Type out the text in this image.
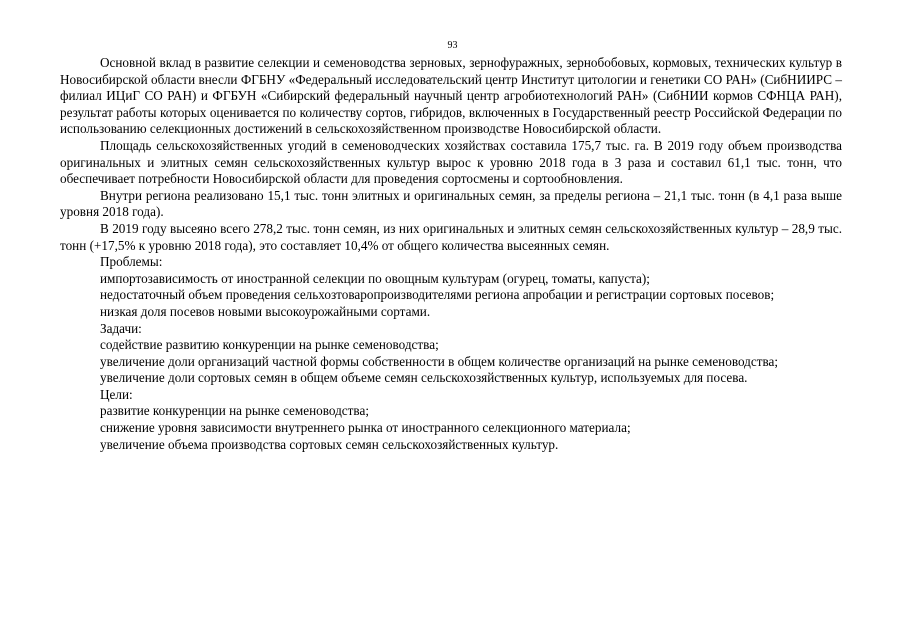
93

Основной вклад в развитие селекции и семеноводства зерновых, зернофуражных, зернобобовых, кормовых, технических культур в Новосибирской области внесли ФГБНУ «Федеральный исследовательский центр Институт цитологии и генетики СО РАН» (СибНИИРС – филиал ИЦиГ СО РАН) и ФГБУН «Сибирский федеральный научный центр агробиотехнологий РАН» (СибНИИ кормов СФНЦА РАН), результат работы которых оценивается по количеству сортов, гибридов, включенных в Государственный реестр Российской Федерации по использованию селекционных достижений в сельскохозяйственном производстве Новосибирской области.

Площадь сельскохозяйственных угодий в семеноводческих хозяйствах составила 175,7 тыс. га. В 2019 году объем производства оригинальных и элитных семян сельскохозяйственных культур вырос к уровню 2018 года в 3 раза и составил 61,1 тыс. тонн, что обеспечивает потребности Новосибирской области для проведения сортосмены и сортообновления.

Внутри региона реализовано 15,1 тыс. тонн элитных и оригинальных семян, за пределы региона – 21,1 тыс. тонн (в 4,1 раза выше уровня 2018 года).

В 2019 году высеяно всего 278,2 тыс. тонн семян, из них оригинальных и элитных семян сельскохозяйственных культур – 28,9 тыс. тонн (+17,5% к уровню 2018 года), это составляет 10,4% от общего количества высеянных семян.

Проблемы:

импортозависимость от иностранной селекции по овощным культурам (огурец, томаты, капуста);

недостаточный объем проведения сельхозтоваропроизводителями региона апробации и регистрации сортовых посевов;

низкая доля посевов новыми высокоурожайными сортами.

Задачи:

содействие развитию конкуренции на рынке семеноводства;

увеличение доли организаций частной формы собственности в общем количестве организаций на рынке семеноводства;

увеличение доли сортовых семян в общем объеме семян сельскохозяйственных культур, используемых для посева.

Цели:

развитие конкуренции на рынке семеноводства;

снижение уровня зависимости внутреннего рынка от иностранного селекционного материала;

увеличение объема производства сортовых семян сельскохозяйственных культур.
